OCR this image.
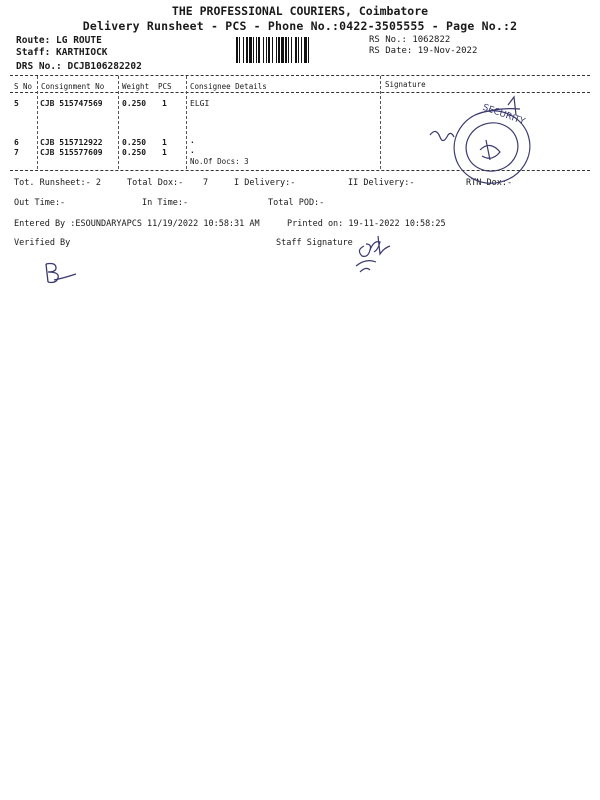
THE PROFESSIONAL COURIERS, Coimbatore
Delivery Runsheet - PCS - Phone No.:0422-3505555 - Page No.:2
Route: LG ROUTE
Staff: KARTHIOCK
DRS No.: DCJB106282202
RS No.: 1062822
RS Date: 19-Nov-2022
S No Consignment No Weight PCS Consignee Details	Signature
5	CJB 515747569 0.250 1	ELGI
6	CJB 515712922 0.250 1	.
7	CJB 515577609 0.250 1	.
No.Of Docs: 3
Tot. Runsheet:- 2	Total Dox:- 7	I Delivery:-	II Delivery:-	RTN Dox:-
Out Time:-	In Time:-	Total POD:-
Entered By :ESOUNDARYAPCS 11/19/2022 10:58:31 AM	Printed on: 19-11-2022 10:58:25
Verified By	Staff Signature
SECURITY
